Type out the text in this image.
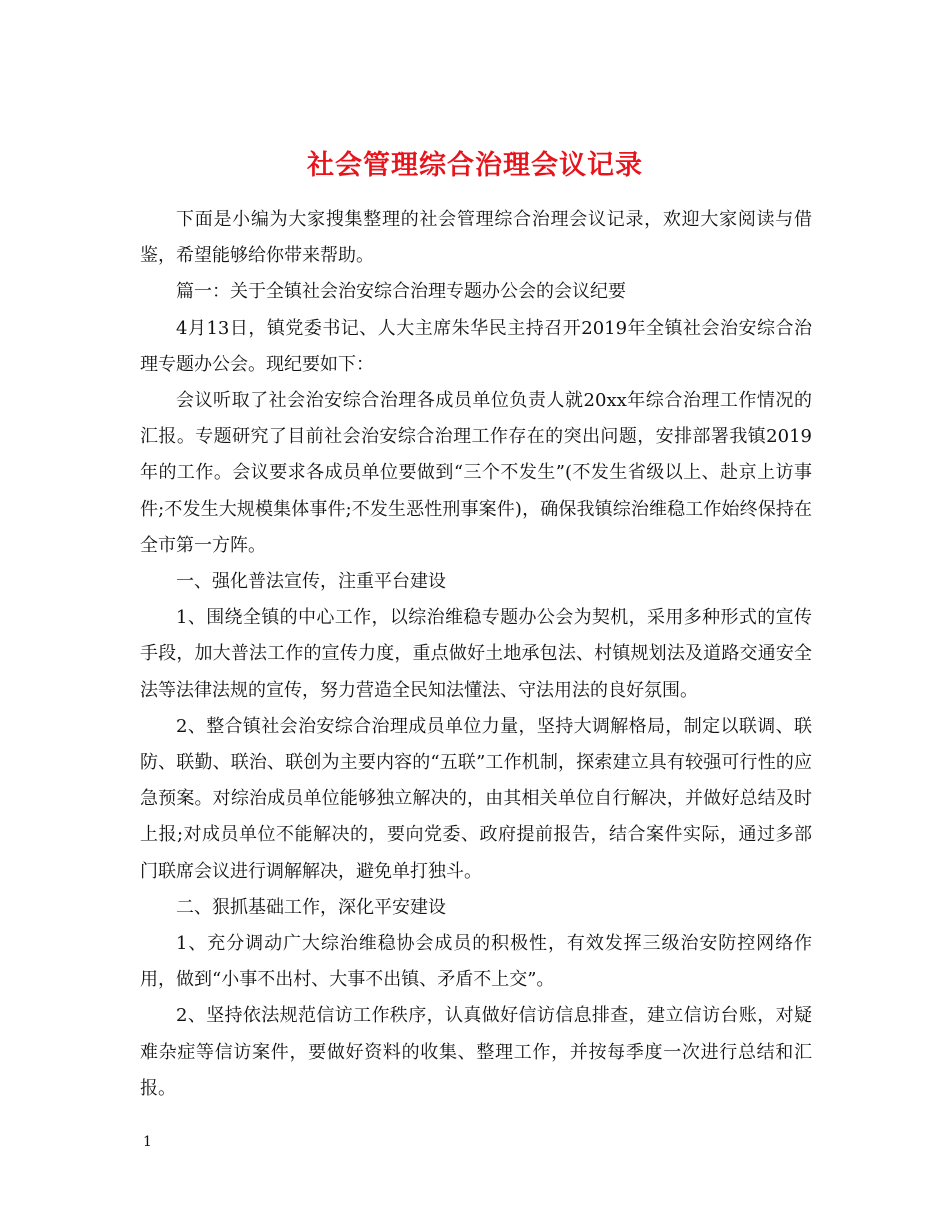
社会管理综合治理会议记录

下面是小编为大家搜集整理的社会管理综合治理会议记录，欢迎大家阅读与借鉴，希望能够给你带来帮助。

篇一：关于全镇社会治安综合治理专题办公会的会议纪要

4月13日，镇党委书记、人大主席朱华民主持召开2019年全镇社会治安综合治理专题办公会。现纪要如下：

会议听取了社会治安综合治理各成员单位负责人就20xx年综合治理工作情况的汇报。专题研究了目前社会治安综合治理工作存在的突出问题，安排部署我镇2019年的工作。会议要求各成员单位要做到“三个不发生”(不发生省级以上、赴京上访事件;不发生大规模集体事件;不发生恶性刑事案件)，确保我镇综治维稳工作始终保持在全市第一方阵。

一、强化普法宣传，注重平台建设

1、围绕全镇的中心工作，以综治维稳专题办公会为契机，采用多种形式的宣传手段，加大普法工作的宣传力度，重点做好土地承包法、村镇规划法及道路交通安全法等法律法规的宣传，努力营造全民知法懂法、守法用法的良好氛围。

2、整合镇社会治安综合治理成员单位力量，坚持大调解格局，制定以联调、联防、联勤、联治、联创为主要内容的“五联”工作机制，探索建立具有较强可行性的应急预案。对综治成员单位能够独立解决的，由其相关单位自行解决，并做好总结及时上报;对成员单位不能解决的，要向党委、政府提前报告，结合案件实际，通过多部门联席会议进行调解解决，避免单打独斗。

二、狠抓基础工作，深化平安建设

1、充分调动广大综治维稳协会成员的积极性，有效发挥三级治安防控网络作用，做到“小事不出村、大事不出镇、矛盾不上交”。

2、坚持依法规范信访工作秩序，认真做好信访信息排查，建立信访台账，对疑难杂症等信访案件，要做好资料的收集、整理工作，并按每季度一次进行总结和汇报。

1
